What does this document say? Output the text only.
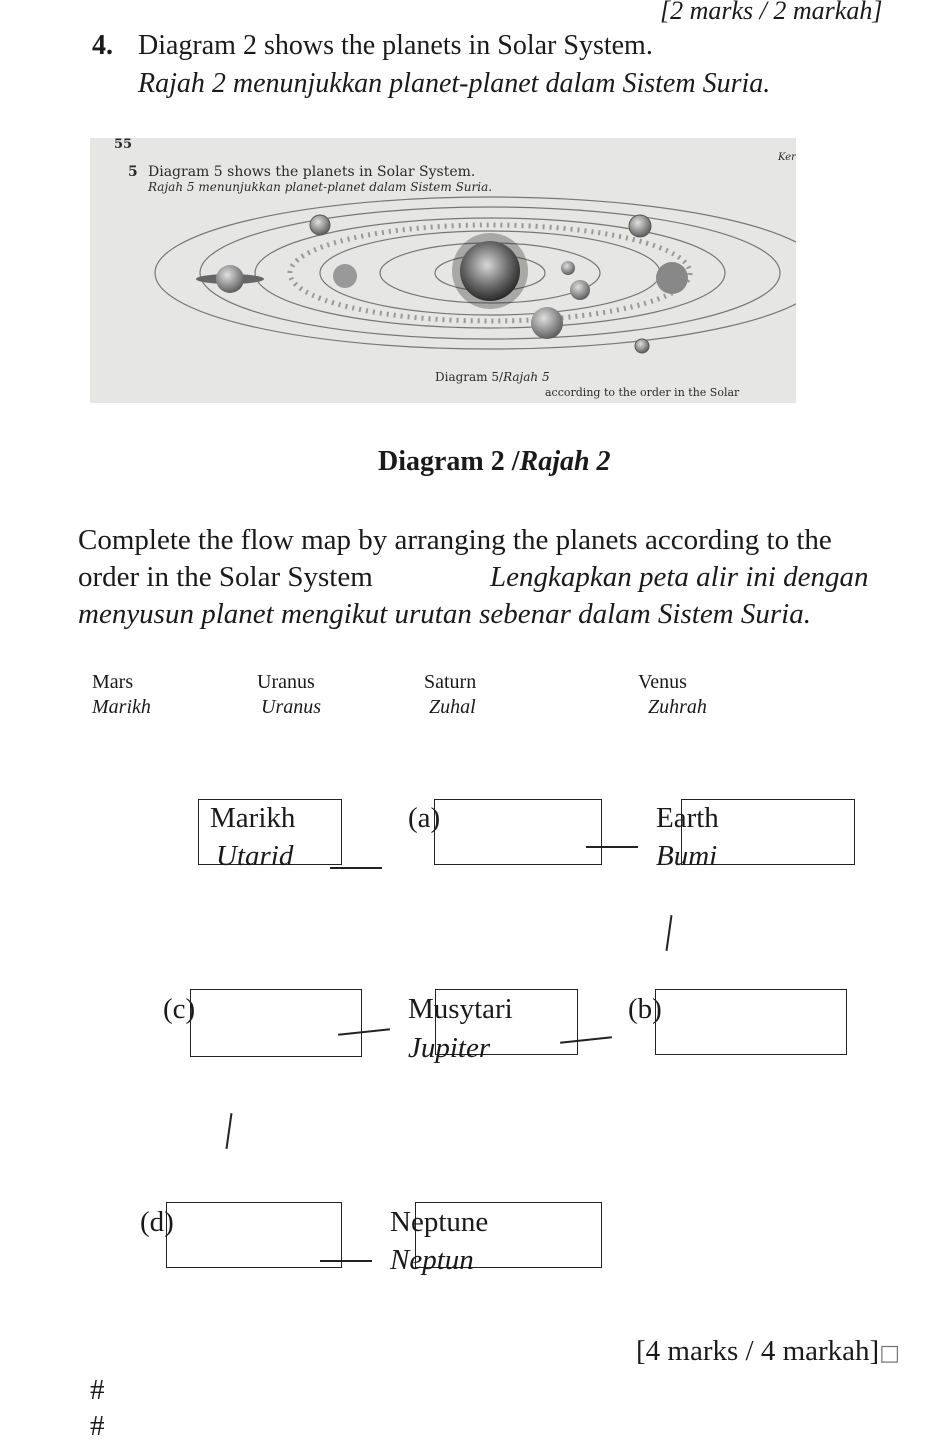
[2 marks / 2 markah]
4. Diagram 2 shows the planets in Solar System.
Rajah 2 menunjukkan planet-planet dalam Sistem Suria.
55
Ker
5 Diagram 5 shows the planets in Solar System.
Rajah 5 menunjukkan planet-planet dalam Sistem Suria.
Diagram 5/Rajah 5
according to the order in the Solar
Diagram 2 /Rajah 2
Complete the flow map by arranging the planets according to the
order in the Solar System	Lengkapkan peta alir ini dengan
menyusun planet mengikut urutan sebenar dalam Sistem Suria.
Mars
Marikh
Uranus
Uranus
Saturn
Zuhal
Venus
Zuhrah
Marikh
Utarid
(a)	Earth
Bumi
(c)	Musytari
Jupiter
(b)
(d)	Neptune
Neptun
[4 marks / 4 markah]□
#
#
